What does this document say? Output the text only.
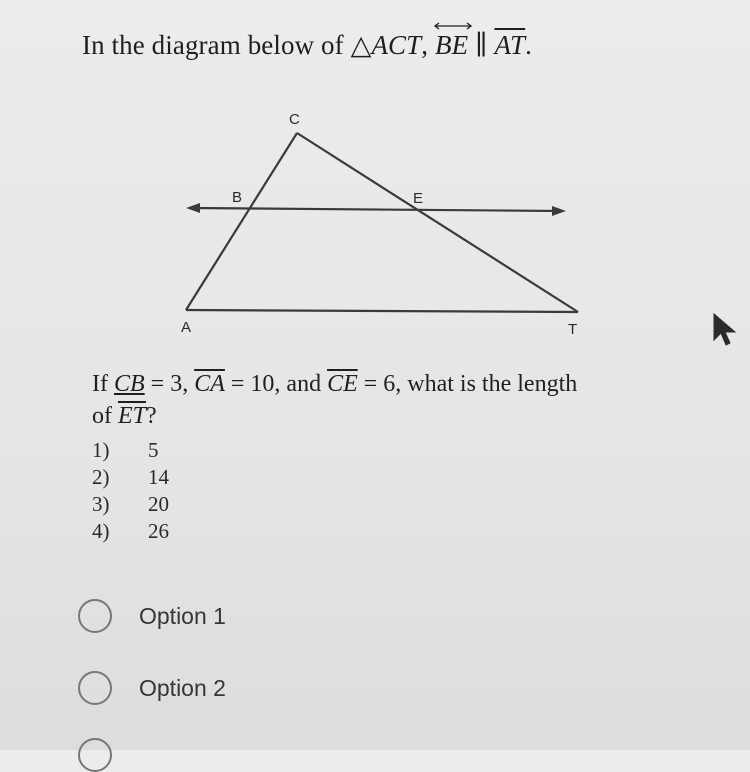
In the diagram below of △ACT,
BE ∥ $\overline{AT}$.
C
B	E
A	T
If CB = 3, $\overline{CA} = 10$, and $\overline{CE} = 6$, what is the length
of $\overline{ET}$?
1)	5
2)	14
3)	20
4)	26
Option 1
Option 2
